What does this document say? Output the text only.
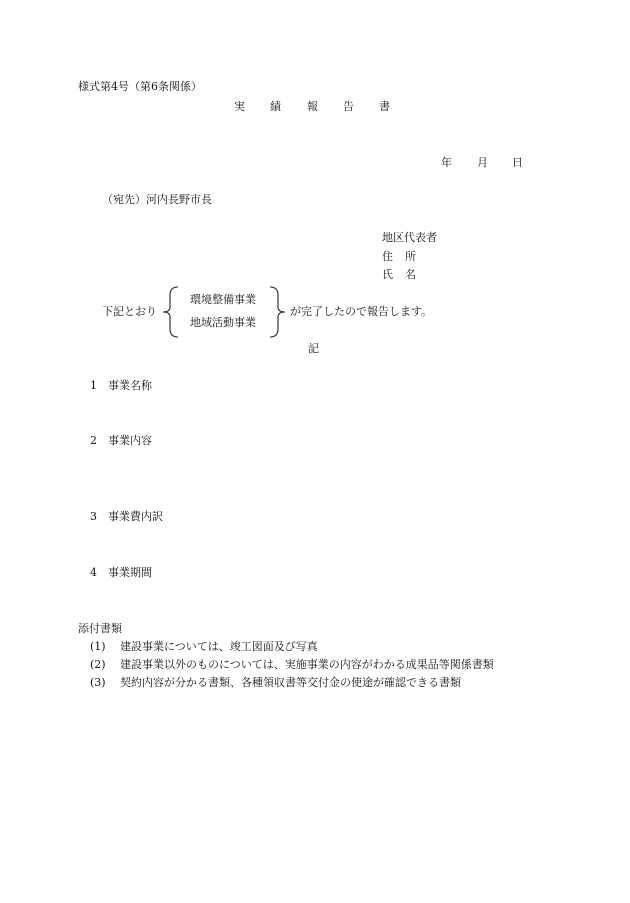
様式第4号（第6条関係）
実 績 報 告 書
年 月 日
（宛先）河内長野市長
地区代表者
住 所
氏 名
下記とおり
環境整備事業
地域活動事業
が完了したので報告します。
記
1 事業名称
2 事業内容
3 事業費内訳
4 事業期間
添付書類
(1) 建設事業については、竣工図面及び写真
(2) 建設事業以外のものについては、実施事業の内容がわかる成果品等関係書類
(3) 契約内容が分かる書類、各種領収書等交付金の使途が確認できる書類
